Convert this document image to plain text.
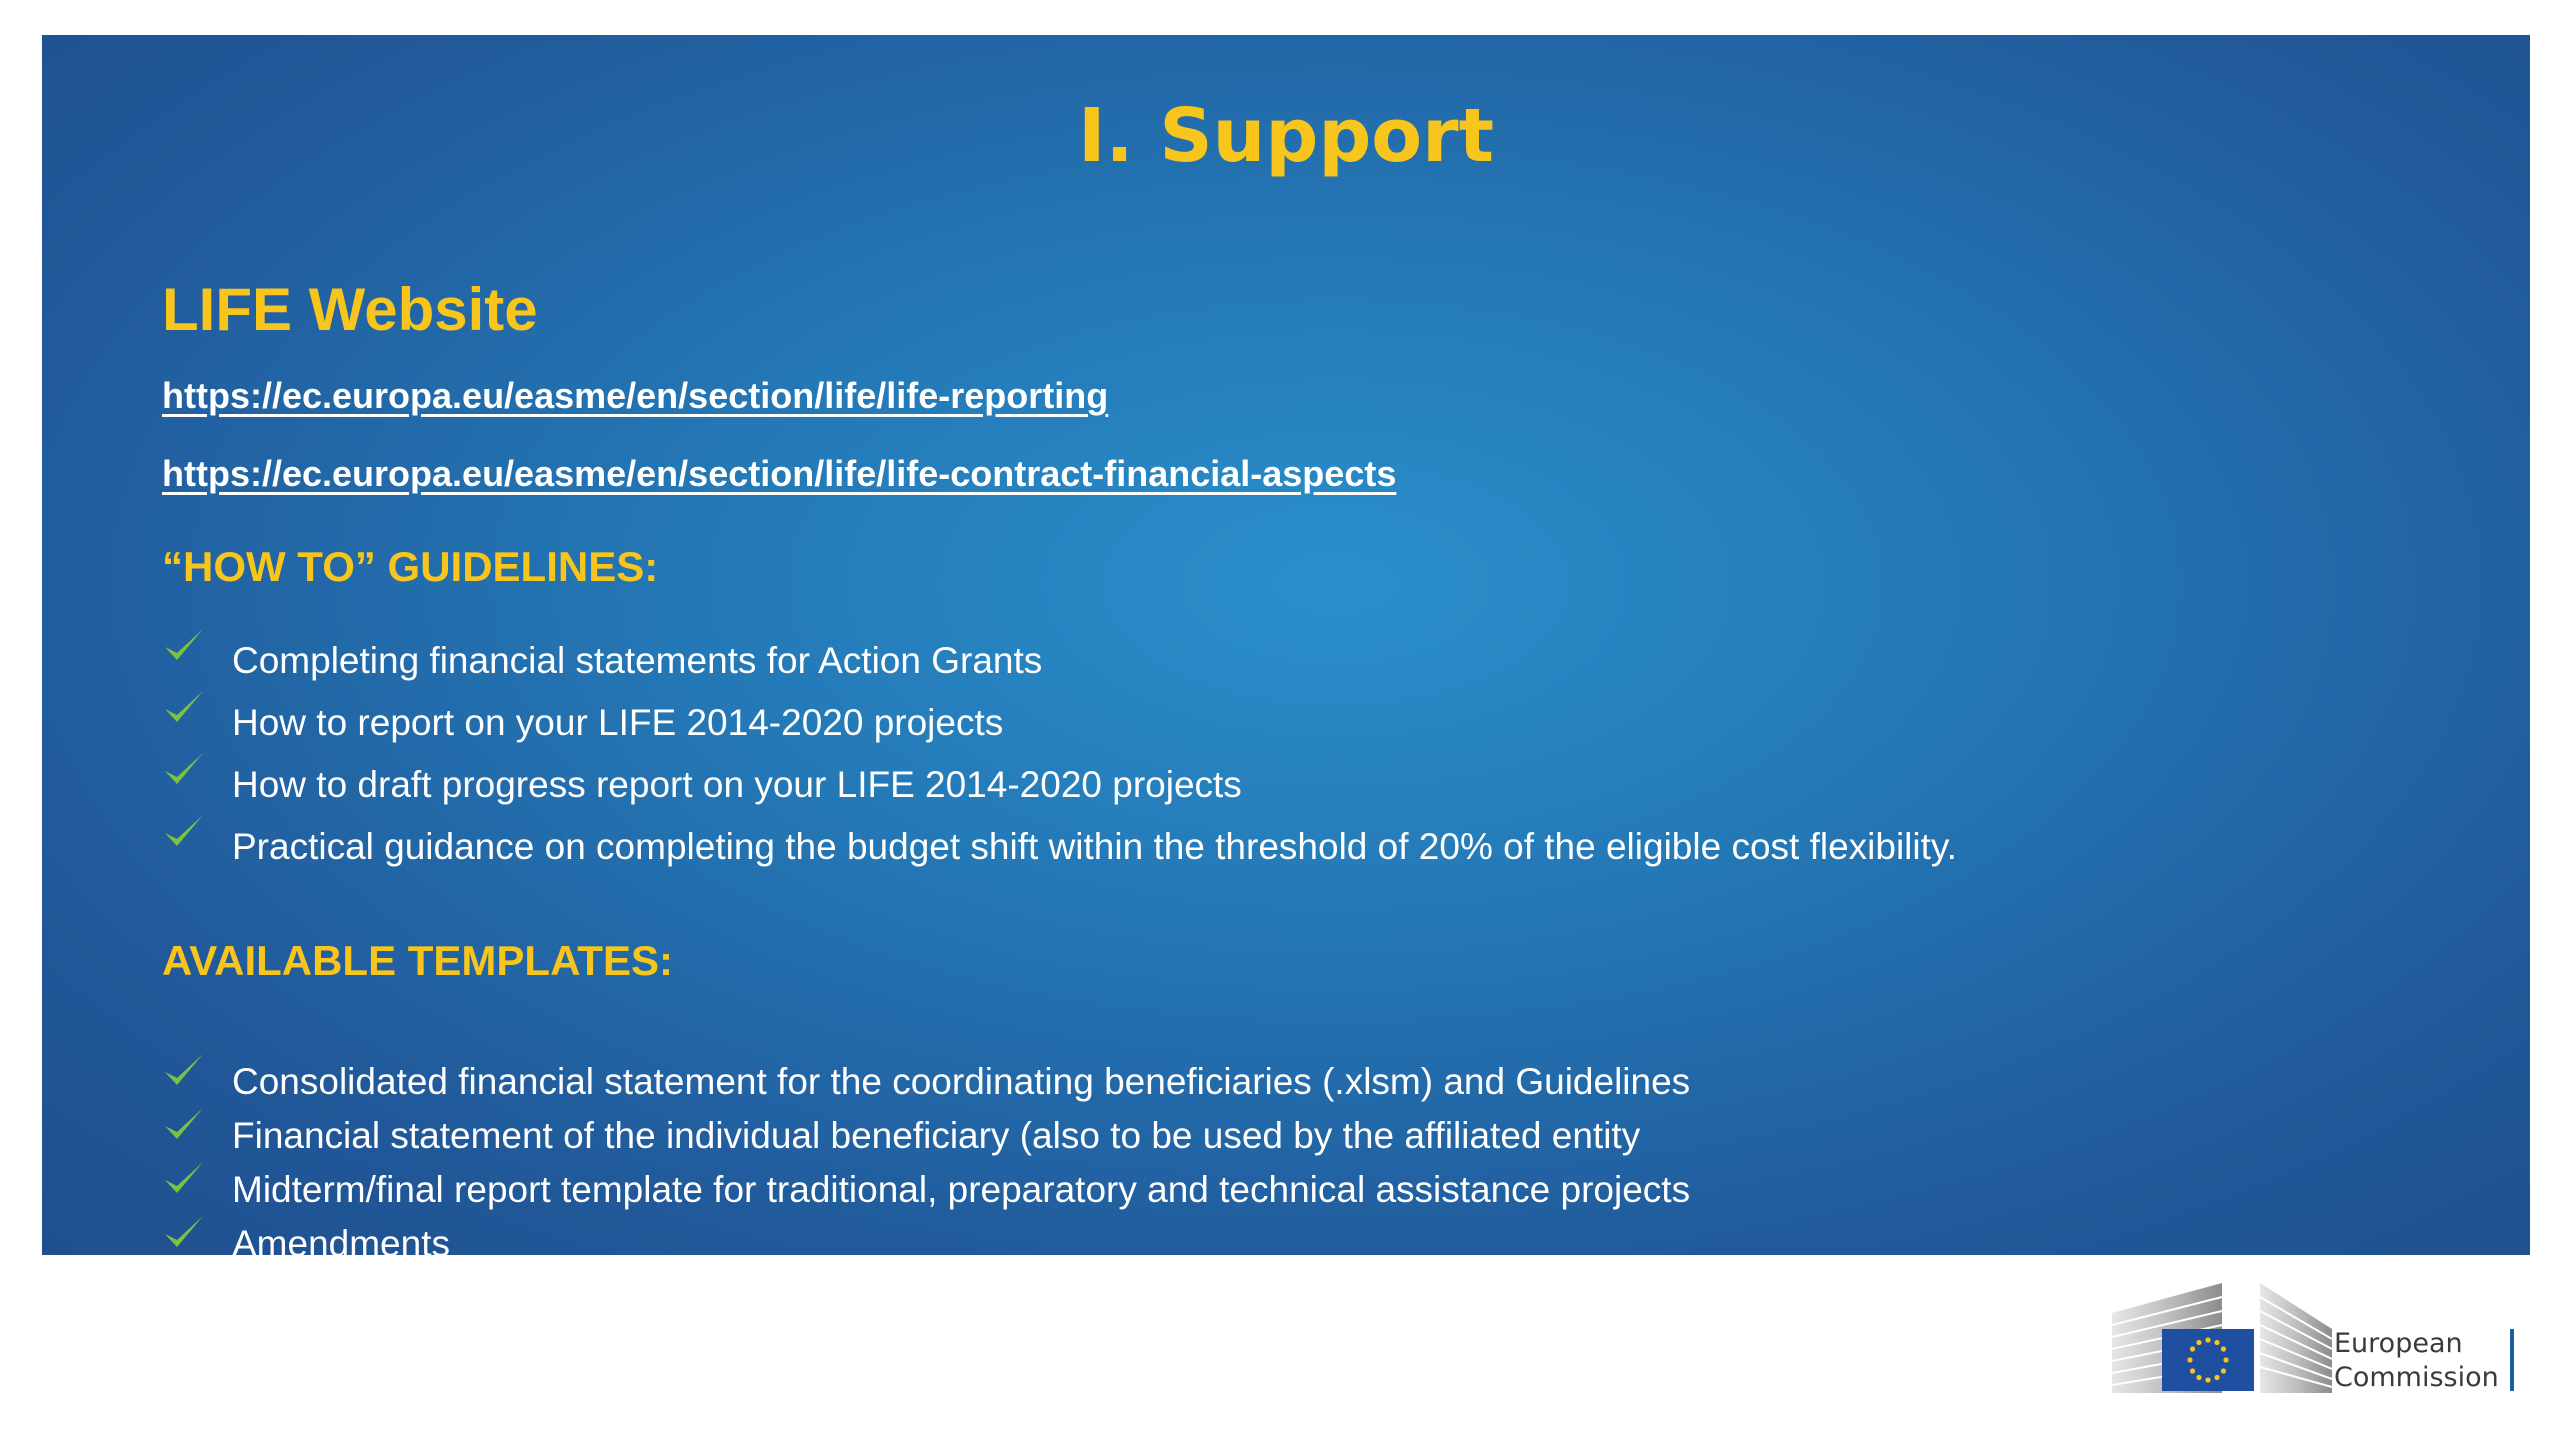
I. Support
LIFE Website
https://ec.europa.eu/easme/en/section/life/life-reporting
https://ec.europa.eu/easme/en/section/life/life-contract-financial-aspects
“HOW TO” GUIDELINES:
Completing financial statements for Action Grants
How to report on your LIFE 2014-2020 projects
How to draft progress report on your LIFE 2014-2020 projects
Practical guidance on completing the budget shift within the threshold of 20% of the eligible cost flexibility.
AVAILABLE TEMPLATES:
Consolidated financial statement for the coordinating beneficiaries (.xlsm) and Guidelines
Financial statement of the individual beneficiary (also to be used by the affiliated entity
Midterm/final report template for traditional, preparatory and technical assistance projects
Amendments
European
Commission
